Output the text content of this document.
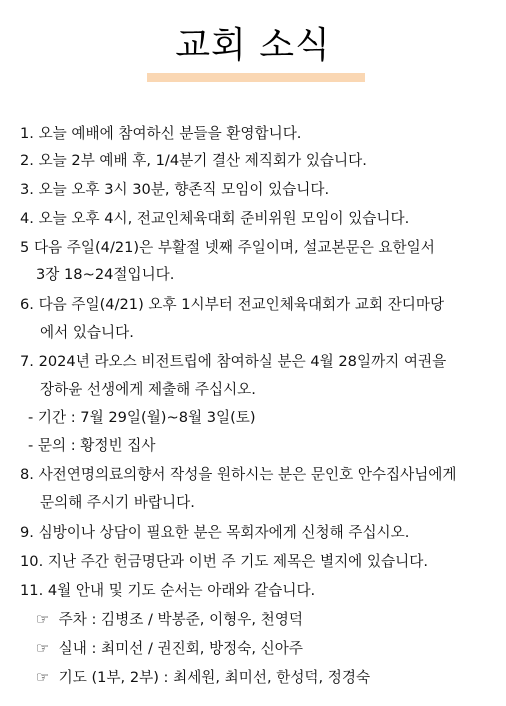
교회 소식
1. 오늘 예배에 참여하신 분들을 환영합니다.
2. 오늘 2부 예배 후, 1/4분기 결산 제직회가 있습니다.
3. 오늘 오후 3시 30분, 향존직 모임이 있습니다.
4. 오늘 오후 4시, 전교인체육대회 준비위원 모임이 있습니다.
5 다음 주일(4/21)은 부활절 넷째 주일이며, 설교본문은 요한일서
3장 18~24절입니다.
6. 다음 주일(4/21) 오후 1시부터 전교인체육대회가 교회 잔디마당
에서 있습니다.
7. 2024년 라오스 비전트립에 참여하실 분은 4월 28일까지 여권을
장하윤 선생에게 제출해 주십시오.
- 기간 : 7월 29일(월)~8월 3일(토)
- 문의 : 황정빈 집사
8. 사전연명의료의향서 작성을 원하시는 분은 문인호 안수집사님에게
문의해 주시기 바랍니다.
9. 심방이나 상담이 필요한 분은 목회자에게 신청해 주십시오.
10. 지난 주간 헌금명단과 이번 주 기도 제목은 별지에 있습니다.
11. 4월 안내 및 기도 순서는 아래와 같습니다.
☞ 주차 : 김병조 / 박봉준, 이형우, 천영덕
☞ 실내 : 최미선 / 권진회, 방정숙, 신아주
☞ 기도 (1부, 2부) : 최세원, 최미선, 한성덕, 정경숙
